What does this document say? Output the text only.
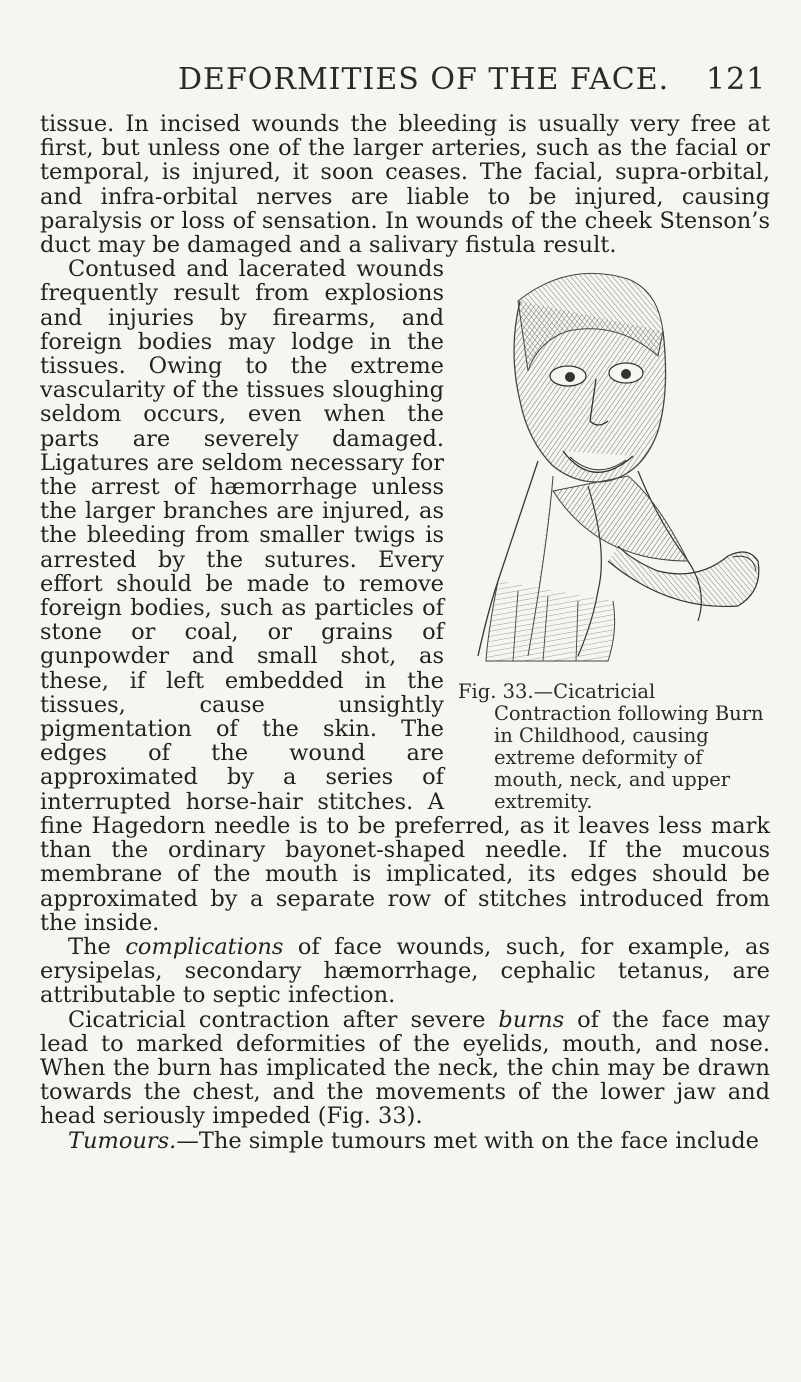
DEFORMITIES OF THE FACE. 121

tissue. In incised wounds the bleeding is usually very free at first, but unless one of the larger arteries, such as the facial or temporal, is injured, it soon ceases. The facial, supra-orbital, and infra-orbital nerves are liable to be injured, causing paralysis or loss of sensation. In wounds of the cheek Stenson’s duct may be damaged and a salivary fistula result.

Fig. 33.—Cicatricial Contraction following Burn in Childhood, causing extreme deformity of mouth, neck, and upper extremity.
Contused and lacerated wounds frequently result from explosions and injuries by firearms, and foreign bodies may lodge in the tissues. Owing to the extreme vascularity of the tissues sloughing seldom occurs, even when the parts are severely damaged. Ligatures are seldom necessary for the arrest of hæmorrhage unless the larger branches are injured, as the bleeding from smaller twigs is arrested by the sutures. Every effort should be made to remove foreign bodies, such as particles of stone or coal, or grains of gunpowder and small shot, as these, if left embedded in the tissues, cause unsightly pigmentation of the skin. The edges of the wound are approximated by a series of interrupted horse-hair stitches. A fine Hagedorn needle is to be preferred, as it leaves less mark than the ordinary bayonet-shaped needle. If the mucous membrane of the mouth is implicated, its edges should be approximated by a separate row of stitches introduced from the inside.

The complications of face wounds, such, for example, as erysipelas, secondary hæmorrhage, cephalic tetanus, are attributable to septic infection.

Cicatricial contraction after severe burns of the face may lead to marked deformities of the eyelids, mouth, and nose. When the burn has implicated the neck, the chin may be drawn towards the chest, and the movements of the lower jaw and head seriously impeded (Fig. 33).

Tumours.—The simple tumours met with on the face include
